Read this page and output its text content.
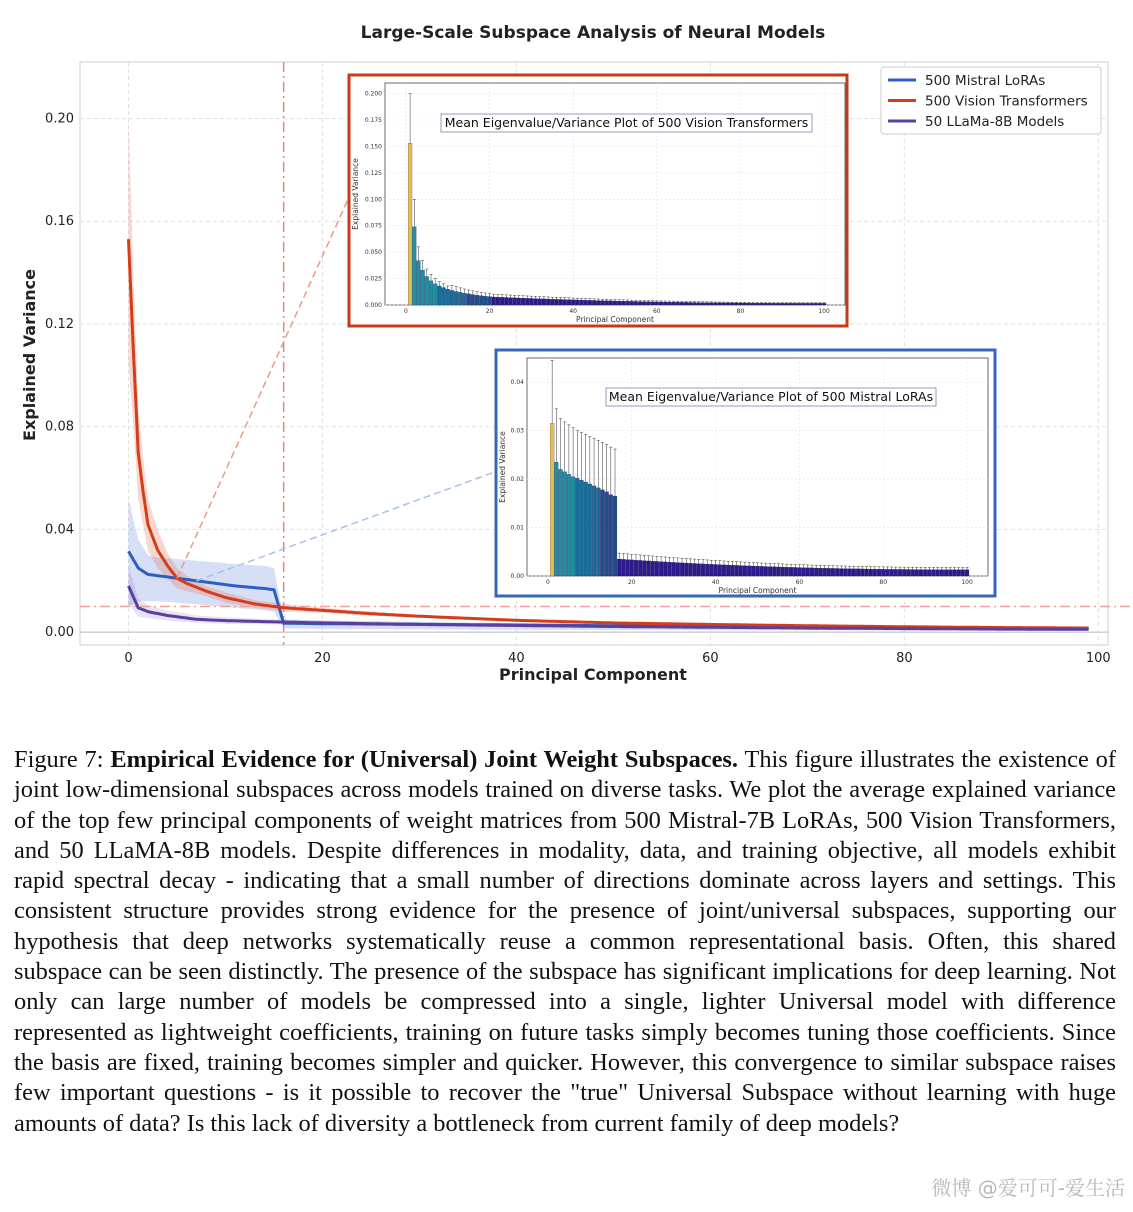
Large-Scale Subspace Analysis of Neural Models
Principal Component
Explained Variance
0	20	40	60	80	100
0.00
0.04
0.08
0.12
0.16
0.20
0.000
0.025
0.050
0.075
0.100
0.125
0.150
0.175
0.200
0	20	40	60	80	100
Principal Component
Explained Variance
Mean Eigenvalue/Variance Plot of 500 Vision Transformers
0.00
0.01
0.02
0.03
0.04
0	20	40	60	80	100
Principal Component
Explained Variance
Mean Eigenvalue/Variance Plot of 500 Mistral LoRAs
500 Mistral LoRAs
500 Vision Transformers
50 LLaMa-8B Models

Figure 7: Empirical Evidence for (Universal) Joint Weight Subspaces. This figure illustrates the existence of joint low-dimensional subspaces across models trained on diverse tasks. We plot the average explained variance of the top few principal components of weight matrices from 500 Mistral-7B LoRAs, 500 Vision Transformers, and 50 LLaMA-8B models. Despite differences in modality, data, and training objective, all models exhibit rapid spectral decay - indicating that a small number of directions dominate across layers and settings. This consistent structure provides strong evidence for the presence of joint/universal subspaces, supporting our hypothesis that deep networks systematically reuse a common representational basis. Often, this shared subspace can be seen distinctly. The presence of the subspace has significant implications for deep learning. Not only can large number of models be compressed into a single, lighter Universal model with difference represented as lightweight coefficients, training on future tasks simply becomes tuning those coefficients. Since the basis are fixed, training becomes simpler and quicker. However, this convergence to similar subspace raises few important questions - is it possible to recover the "true" Universal Subspace without learning with huge amounts of data? Is this lack of diversity a bottleneck from current family of deep models?

微博 @爱可可-爱生活
